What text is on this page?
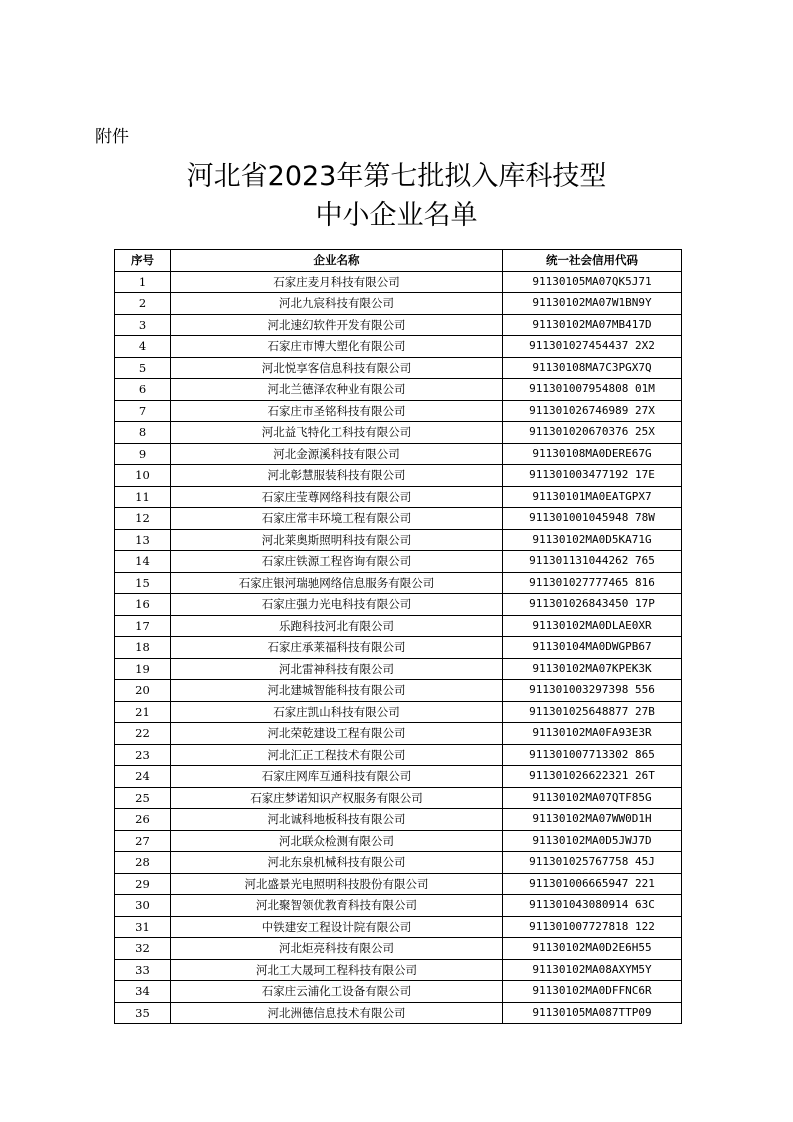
附件
河北省2023年第七批拟入库科技型
中小企业名单
序号	企业名称	统一社会信用代码
1	石家庄麦月科技有限公司	91130105MA07QK5J71
2	河北九宸科技有限公司	91130102MA07W1BN9Y
3	河北速幻软件开发有限公司	91130102MA07MB417D
4	石家庄市博大塑化有限公司	911301027454437 2X2
5	河北悦享客信息科技有限公司	91130108MA7C3PGX7Q
6	河北兰德泽农种业有限公司	911301007954808 01M
7	石家庄市圣铭科技有限公司	911301026746989 27X
8	河北益飞特化工科技有限公司	911301020670376 25X
9	河北金源溪科技有限公司	91130108MA0DERE67G
10	河北彰慧服装科技有限公司	911301003477192 17E
11	石家庄莹尊网络科技有限公司	91130101MA0EATGPX7
12	石家庄常丰环境工程有限公司	911301001045948 78W
13	河北莱奥斯照明科技有限公司	91130102MA0D5KA71G
14	石家庄铁源工程咨询有限公司	911301131044262 765
15	石家庄银河瑞驰网络信息服务有限公司	911301027777465 816
16	石家庄强力光电科技有限公司	911301026843450 17P
17	乐跑科技河北有限公司	91130102MA0DLAE0XR
18	石家庄承莱福科技有限公司	91130104MA0DWGPB67
19	河北雷神科技有限公司	91130102MA07KPEK3K
20	河北建城智能科技有限公司	911301003297398 556
21	石家庄凯山科技有限公司	911301025648877 27B
22	河北荣乾建设工程有限公司	91130102MA0FA93E3R
23	河北汇正工程技术有限公司	911301007713302 865
24	石家庄网库互通科技有限公司	911301026622321 26T
25	石家庄梦诺知识产权服务有限公司	91130102MA07QTF85G
26	河北诚科地板科技有限公司	91130102MA07WW0D1H
27	河北联众检测有限公司	91130102MA0D5JWJ7D
28	河北东泉机械科技有限公司	911301025767758 45J
29	河北盛景光电照明科技股份有限公司	911301006665947 221
30	河北聚智领优教育科技有限公司	911301043080914 63C
31	中铁建安工程设计院有限公司	911301007727818 122
32	河北炬亮科技有限公司	91130102MA0D2E6H55
33	河北工大晟珂工程科技有限公司	91130102MA08AXYM5Y
34	石家庄云浦化工设备有限公司	91130102MA0DFFNC6R
35	河北洲德信息技术有限公司	91130105MA087TTP09
